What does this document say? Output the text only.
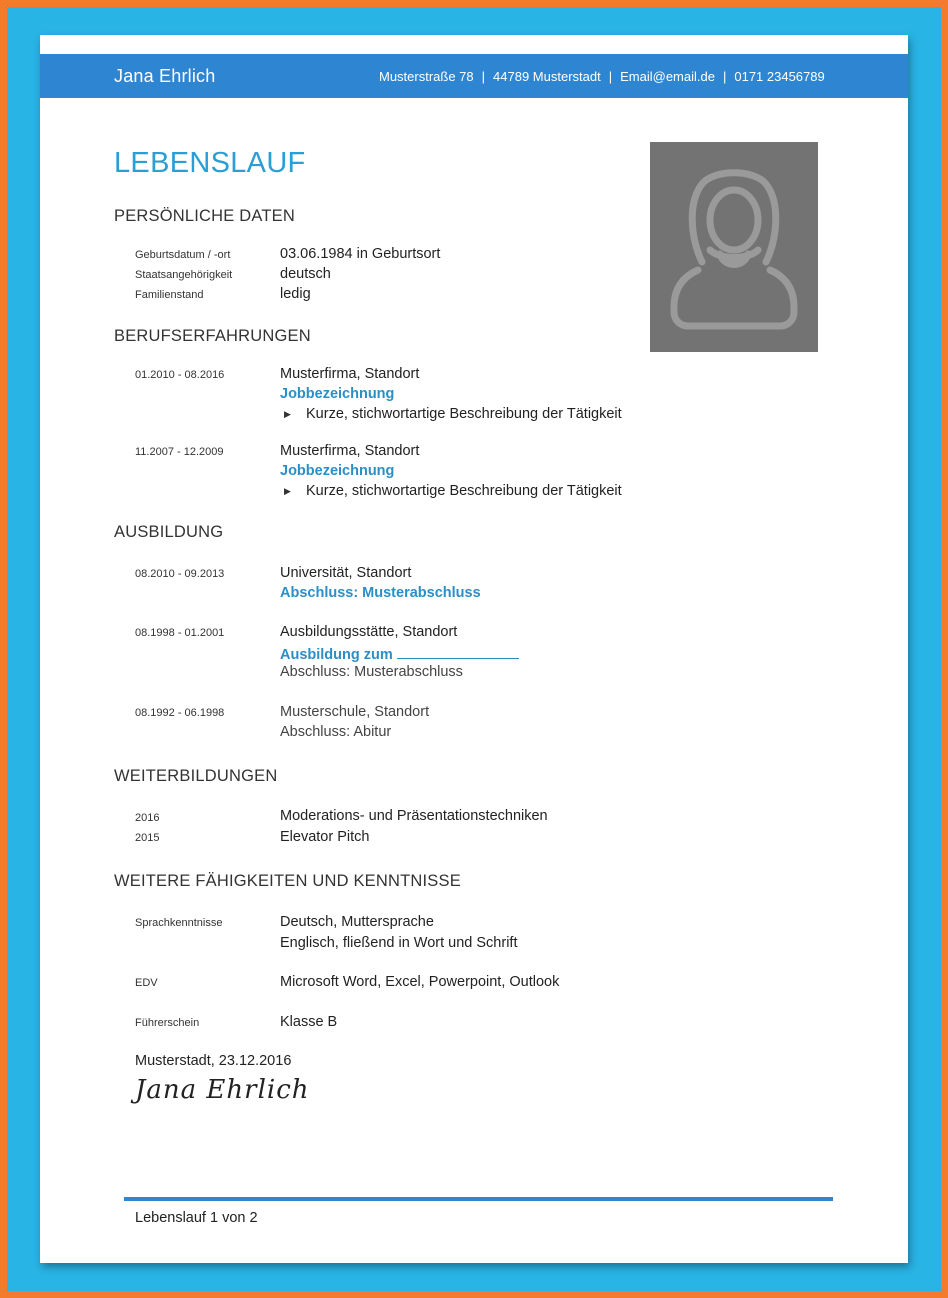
Jana Ehrlich	Musterstraße 78 | 44789 Musterstadt | Email@email.de | 0171 23456789
LEBENSLAUF
PERSÖNLICHE DATEN
Geburtsdatum / -ort	03.06.1984 in Geburtsort
Staatsangehörigkeit	deutsch
Familienstand	ledig
BERUFSERFAHRUNGEN
01.2010 - 08.2016	Musterfirma, Standort
Jobbezeichnung
▶ Kurze, stichwortartige Beschreibung der Tätigkeit
11.2007 - 12.2009	Musterfirma, Standort
Jobbezeichnung
▶ Kurze, stichwortartige Beschreibung der Tätigkeit
AUSBILDUNG
08.2010 - 09.2013	Universität, Standort
Abschluss: Musterabschluss
08.1998 - 01.2001	Ausbildungsstätte, Standort
Ausbildung zum
Abschluss: Musterabschluss
08.1992 - 06.1998	Musterschule, Standort
Abschluss: Abitur
WEITERBILDUNGEN
2016	Moderations- und Präsentationstechniken
2015	Elevator Pitch
WEITERE FÄHIGKEITEN UND KENNTNISSE
Sprachkenntnisse	Deutsch, Muttersprache
Englisch, fließend in Wort und Schrift
EDV	Microsoft Word, Excel, Powerpoint, Outlook
Führerschein	Klasse B
Musterstadt, 23.12.2016
Jana Ehrlich
Lebenslauf 1 von 2
